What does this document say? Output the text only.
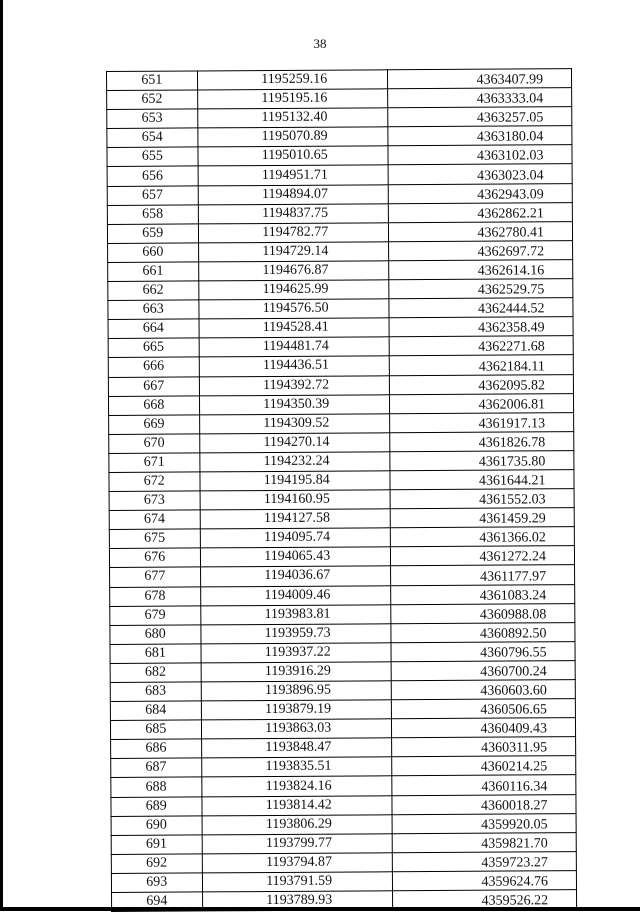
38
651	1195259.16	4363407.99
652	1195195.16	4363333.04
653	1195132.40	4363257.05
654	1195070.89	4363180.04
655	1195010.65	4363102.03
656	1194951.71	4363023.04
657	1194894.07	4362943.09
658	1194837.75	4362862.21
659	1194782.77	4362780.41
660	1194729.14	4362697.72
661	1194676.87	4362614.16
662	1194625.99	4362529.75
663	1194576.50	4362444.52
664	1194528.41	4362358.49
665	1194481.74	4362271.68
666	1194436.51	4362184.11
667	1194392.72	4362095.82
668	1194350.39	4362006.81
669	1194309.52	4361917.13
670	1194270.14	4361826.78
671	1194232.24	4361735.80
672	1194195.84	4361644.21
673	1194160.95	4361552.03
674	1194127.58	4361459.29
675	1194095.74	4361366.02
676	1194065.43	4361272.24
677	1194036.67	4361177.97
678	1194009.46	4361083.24
679	1193983.81	4360988.08
680	1193959.73	4360892.50
681	1193937.22	4360796.55
682	1193916.29	4360700.24
683	1193896.95	4360603.60
684	1193879.19	4360506.65
685	1193863.03	4360409.43
686	1193848.47	4360311.95
687	1193835.51	4360214.25
688	1193824.16	4360116.34
689	1193814.42	4360018.27
690	1193806.29	4359920.05
691	1193799.77	4359821.70
692	1193794.87	4359723.27
693	1193791.59	4359624.76
694	1193789.93	4359526.22
